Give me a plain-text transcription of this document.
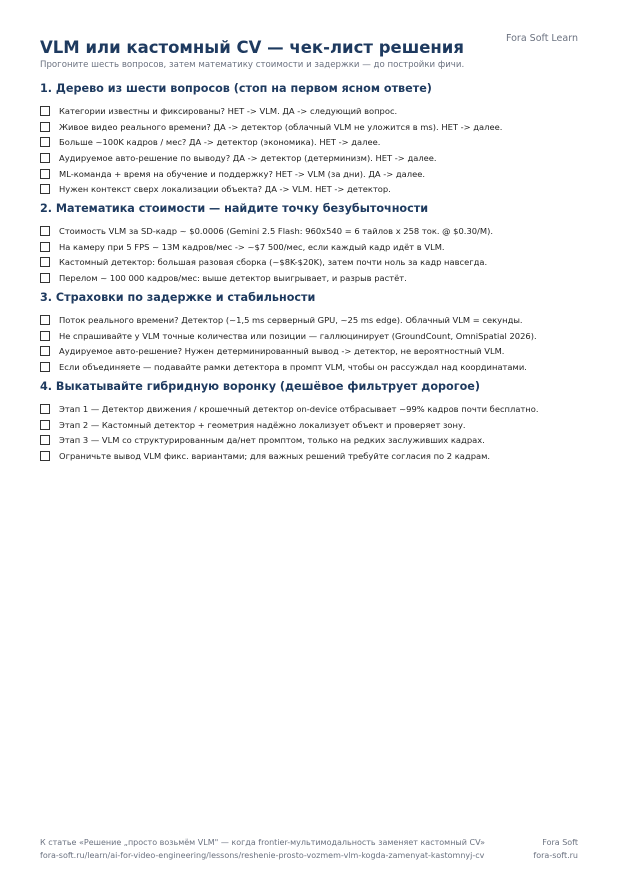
Fora Soft Learn
VLM или кастомный CV — чек-лист решения
Прогоните шесть вопросов, затем математику стоимости и задержки — до постройки фичи.
1. Дерево из шести вопросов (стоп на первом ясном ответе)
Категории известны и фиксированы? НЕТ -> VLM. ДА -> следующий вопрос.
Живое видео реального времени? ДА -> детектор (облачный VLM не уложится в ms). НЕТ -> далее.
Больше ~100K кадров / мес? ДА -> детектор (экономика). НЕТ -> далее.
Аудируемое авто-решение по выводу? ДА -> детектор (детерминизм). НЕТ -> далее.
ML-команда + время на обучение и поддержку? НЕТ -> VLM (за дни). ДА -> далее.
Нужен контекст сверх локализации объекта? ДА -> VLM. НЕТ -> детектор.
2. Математика стоимости — найдите точку безубыточности
Стоимость VLM за SD-кадр ~ $0.0006 (Gemini 2.5 Flash: 960x540 = 6 тайлов x 258 ток. @ $0.30/M).
На камеру при 5 FPS ~ 13M кадров/мес -> ~$7 500/мес, если каждый кадр идёт в VLM.
Кастомный детектор: большая разовая сборка (~$8K-$20K), затем почти ноль за кадр навсегда.
Перелом ~ 100 000 кадров/мес: выше детектор выигрывает, и разрыв растёт.
3. Страховки по задержке и стабильности
Поток реального времени? Детектор (~1,5 ms серверный GPU, ~25 ms edge). Облачный VLM = секунды.
Не спрашивайте у VLM точные количества или позиции — галлюцинирует (GroundCount, OmniSpatial 2026).
Аудируемое авто-решение? Нужен детерминированный вывод -> детектор, не вероятностный VLM.
Если объединяете — подавайте рамки детектора в промпт VLM, чтобы он рассуждал над координатами.
4. Выкатывайте гибридную воронку (дешёвое фильтрует дорогое)
Этап 1 — Детектор движения / крошечный детектор on-device отбрасывает ~99% кадров почти бесплатно.
Этап 2 — Кастомный детектор + геометрия надёжно локализует объект и проверяет зону.
Этап 3 — VLM со структурированным да/нет промптом, только на редких заслуживших кадрах.
Ограничьте вывод VLM фикс. вариантами; для важных решений требуйте согласия по 2 кадрам.
К статье «Решение „просто возьмём VLM" — когда frontier-мультимодальность заменяет кастомный CV»
fora-soft.ru/learn/ai-for-video-engineering/lessons/reshenie-prosto-vozmem-vlm-kogda-zamenyat-kastomnyj-cv
Fora Soft
fora-soft.ru
